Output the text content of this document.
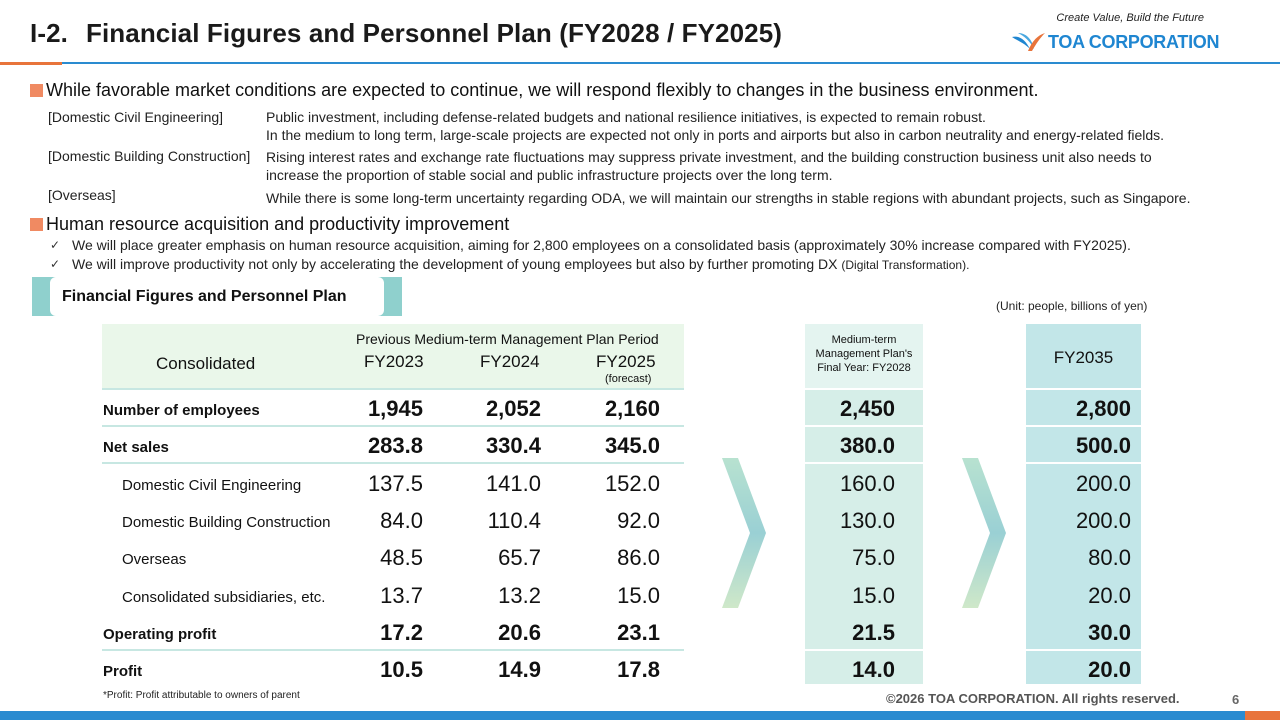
I-2. Financial Figures and Personnel Plan (FY2028 / FY2025)	Create Value, Build the Future
TOA CORPORATION
While favorable market conditions are expected to continue, we will respond flexibly to changes in the business environment.
[Domestic Civil Engineering]	Public investment, including defense-related budgets and national resilience initiatives, is expected to remain robust.
In the medium to long term, large-scale projects are expected not only in ports and airports but also in carbon neutrality and energy-related fields.
[Domestic Building Construction] Rising interest rates and exchange rate fluctuations may suppress private investment, and the building construction business unit also needs to
increase the proportion of stable social and public infrastructure projects over the long term.
[Overseas]	While there is some long-term uncertainty regarding ODA, we will maintain our strengths in stable regions with abundant projects, such as Singapore.
Human resource acquisition and productivity improvement
✓ We will place greater emphasis on human resource acquisition, aiming for 2,800 employees on a consolidated basis (approximately 30% increase compared with FY2025).
✓ We will improve productivity not only by accelerating the development of young employees but also by further promoting DX (Digital Transformation).
Financial Figures and Personnel Plan
(Unit: people, billions of yen)
Consolidated
Previous Medium-term Management Plan Period
FY2023	FY2024	FY2025
(forecast)
Medium-term
Management Plan's
Final Year: FY2028
FY2035
Number of employees	1,945	2,052	2,160	2,450	2,800
Net sales	283.8	330.4	345.0	380.0	500.0
Domestic Civil Engineering	137.5	141.0	152.0	160.0	200.0
Domestic Building Construction	84.0	110.4	92.0	130.0	200.0
Overseas	48.5	65.7	86.0	75.0	80.0
Consolidated subsidiaries, etc.	13.7	13.2	15.0	15.0	20.0
Operating profit	17.2	20.6	23.1	21.5	30.0
Profit	10.5	14.9	17.8	14.0	20.0
*Profit: Profit attributable to owners of parent	©2026 TOA CORPORATION. All rights reserved.	6
